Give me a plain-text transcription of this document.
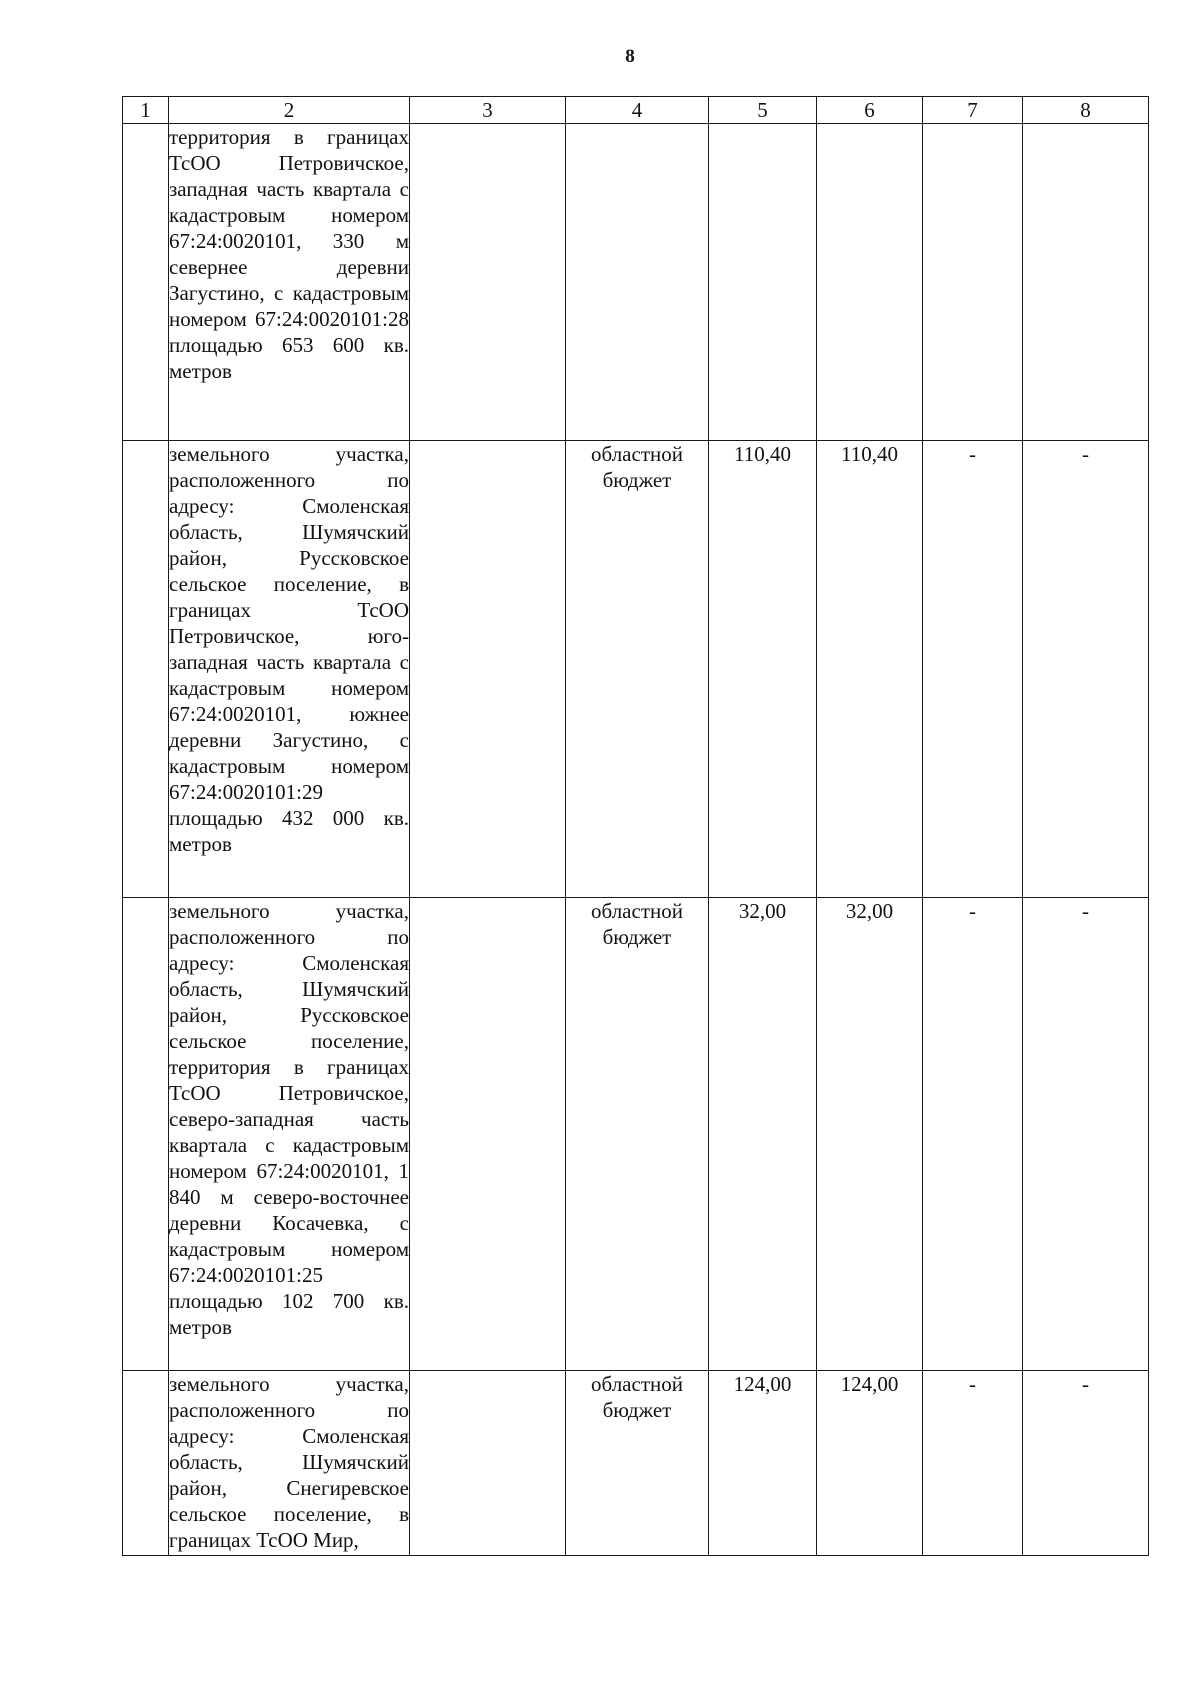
8
1	2	3	4	5	6	7	8

	территория в границах ТсОО Петровичское, западная часть квартала с кадастровым номером 67:24:0020101, 330 м севернее деревни Загустино, с кадастровым номером 67:24:0020101:28 площадью 653 600 кв. метров						

	земельного участка, расположенного по адресу: Смоленская область, Шумячский район, Русскoвское сельское поселение, в границах ТсОО Петровичское, юго-западная часть квартала с кадастровым номером 67:24:0020101, южнее деревни Загустино, с кадастровым номером 67:24:0020101:29 площадью 432 000 кв. метров		областной бюджет	110,40	110,40	-	-

	земельного участка, расположенного по адресу: Смоленская область, Шумячский район, Руссковское сельское поселение, территория в границах ТсОО Петровичское, северо-западная часть квартала с кадастровым номером 67:24:0020101, 1 840 м северо-восточнее деревни Косачевка, с кадастровым номером 67:24:0020101:25 площадью 102 700 кв. метров		областной бюджет	32,00	32,00	-	-

	земельного участка, расположенного по адресу: Смоленская область, Шумячский район, Снегиревское сельское поселение, в границах ТсОО Мир,		областной бюджет	124,00	124,00	-	-
